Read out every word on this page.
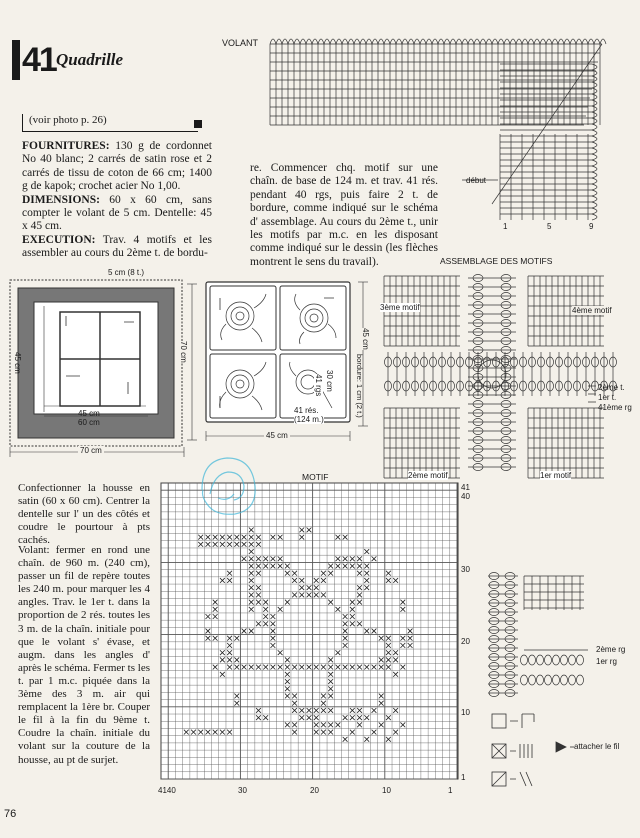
41 Quadrille
(voir photo p. 26)
FOURNITURES: 130 g de cordonnet No 40 blanc; 2 carrés de satin rose et 2 carrés de tissu de coton de 66 cm; 1400 g de kapok; crochet acier No 1,00.
DIMENSIONS: 60 x 60 cm, sans compter le volant de 5 cm. Dentelle: 45 x 45 cm.
EXECUTION: Trav. 4 motifs et les assembler au cours du 2ème t. de bordu-
re. Commencer chq. motif sur une chaîn. de base de 124 m. et trav. 41 rés. pendant 40 rgs, puis faire 2 t. de bordure, comme indiqué sur le schéma d' assemblage. Au cours du 2ème t., unir les motifs par m.c. en les disposant comme indiqué sur le dessin (les flèches montrent le sens du travail).
Confectionner la housse en satin (60 x 60 cm). Centrer la dentelle sur l' un des côtés et coudre le pourtour à pts cachés.
Volant: fermer en rond une chaîn. de 960 m. (240 cm), passer un fil de repère toutes les 240 m. pour marquer les 4 angles. Trav. le 1er t. dans la proportion de 2 rés. toutes les 3 m. de la chaîn. initiale pour que le volant s' évase, et augm. dans les angles d' après le schéma. Fermer ts les t. par 1 m.c. piquée dans la 3ème des 3 m. air qui remplacent la 1ère br. Couper le fil à la fin du 9ème t. Coudre la chaîn. initiale du volant sur la couture de la housse, au pt de surjet.
VOLANT
début
1	5	9
5 cm (8 t.)
45 cm
45 cm
60 cm
70 cm
70 cm
41 rgs 30 cm
41 rés.
(124 m.)
45 cm
bordure: 1 cm (2 t.)
45 cm
ASSEMBLAGE DES MOTIFS
3ème motif	4ème motif
2ème motif	1er motif
2ème t.
1er t.
41ème rg
MOTIF
41
40
30
20
10
1
4140	30	20	10	1
2ème rg
1er rg
attacher le fil
76
